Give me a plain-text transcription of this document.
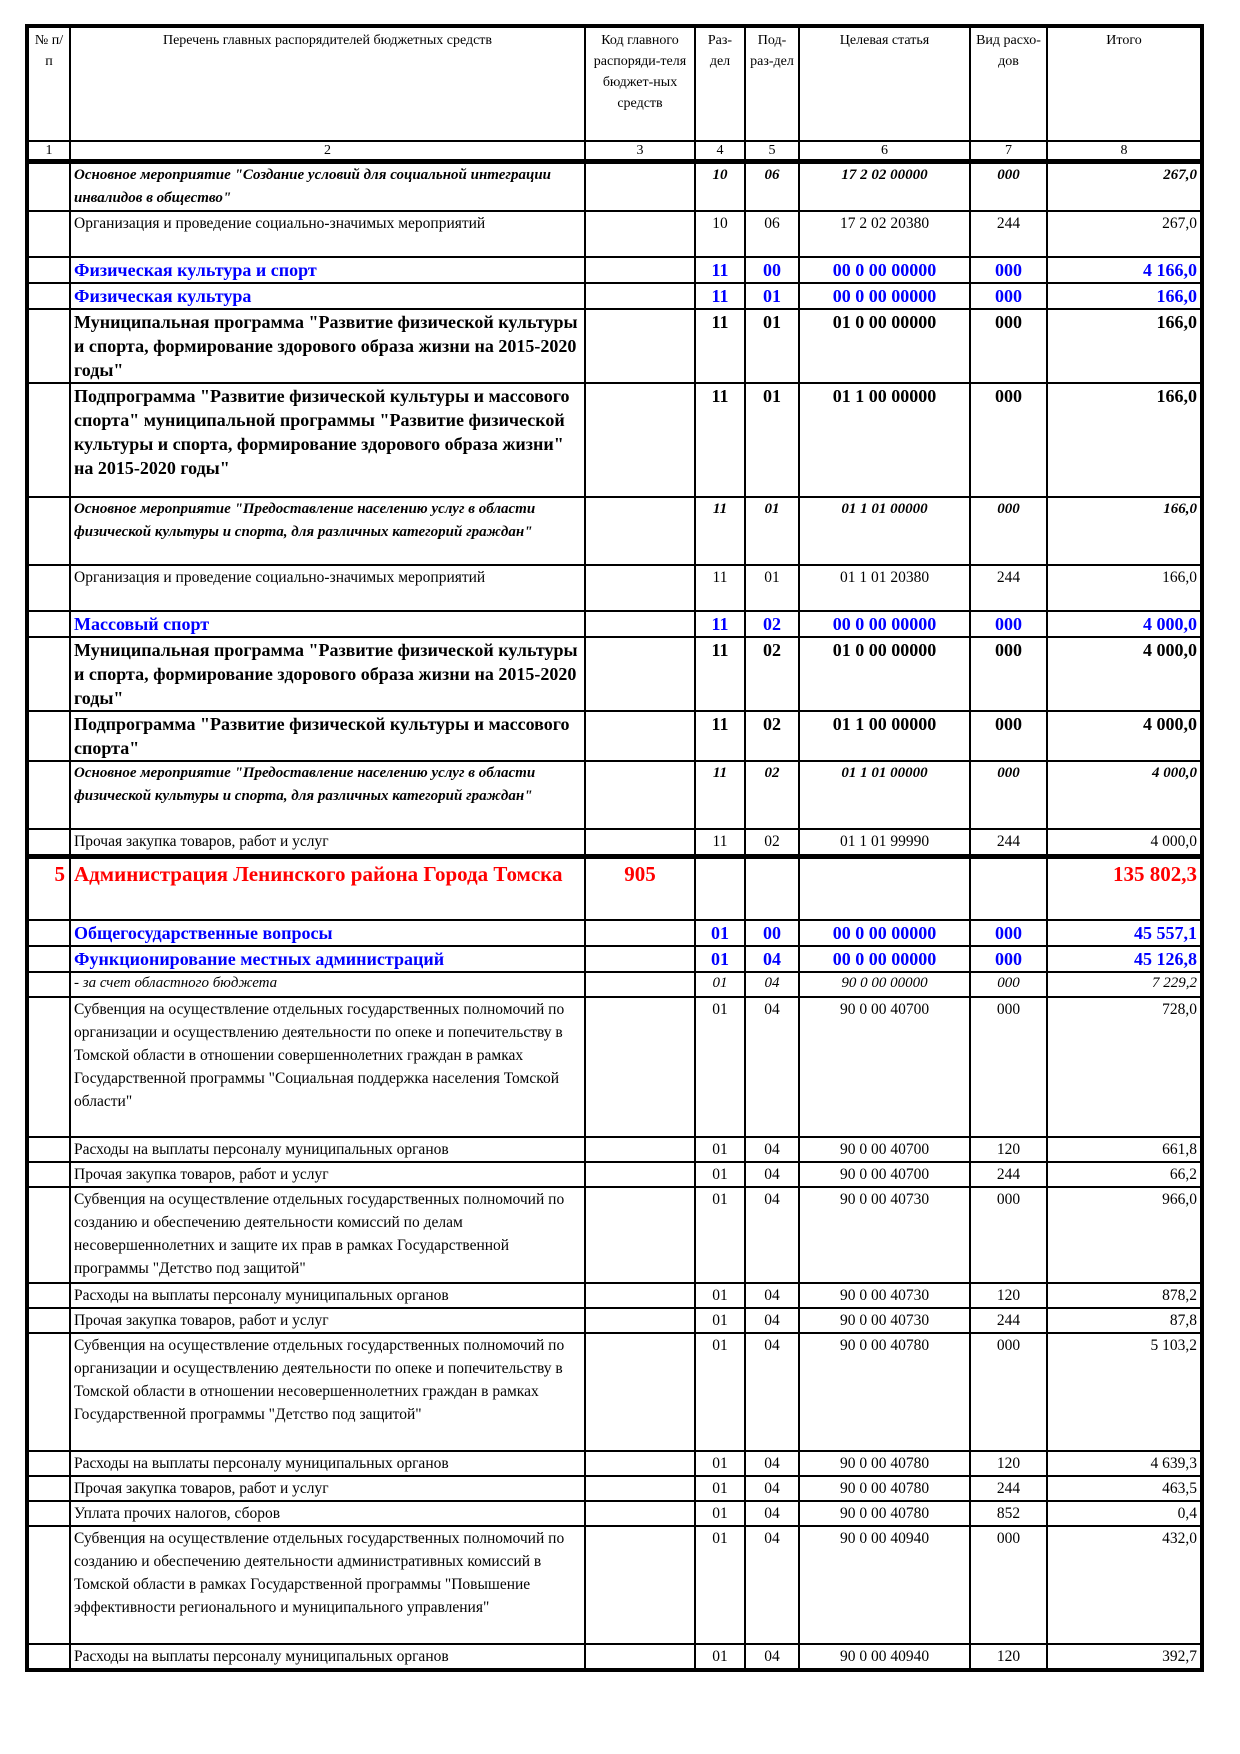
№ п/п	Перечень главных распорядителей бюджетных средств	Код главного распоряди-теля бюджет-ных средств	Раз-дел	Под-раз-дел	Целевая статья	Вид расхо-дов	Итого
1	2	3	4	5	6	7	8
	Основное мероприятие "Создание условий для социальной интеграции инвалидов в общество"		10	06	17 2 02 00000	000	267,0
	Организация и проведение социально-значимых мероприятий		10	06	17 2 02 20380	244	267,0
	Физическая культура и спорт		11	00	00 0 00 00000	000	4 166,0
	Физическая культура		11	01	00 0 00 00000	000	166,0
	Муниципальная программа "Развитие физической культуры и спорта, формирование здорового образа жизни на 2015-2020 годы"		11	01	01 0 00 00000	000	166,0
	Подпрограмма "Развитие физической культуры и массового спорта" муниципальной программы "Развитие физической культуры и спорта, формирование здорового образа жизни" на 2015-2020 годы"		11	01	01 1 00 00000	000	166,0
	Основное мероприятие "Предоставление населению услуг в области физической культуры и спорта, для различных категорий граждан"		11	01	01 1 01 00000	000	166,0
	Организация и проведение социально-значимых мероприятий		11	01	01 1 01 20380	244	166,0
	Массовый спорт		11	02	00 0 00 00000	000	4 000,0
	Муниципальная программа "Развитие физической культуры и спорта, формирование здорового образа жизни на 2015-2020 годы"		11	02	01 0 00 00000	000	4 000,0
	Подпрограмма "Развитие физической культуры и массового спорта"		11	02	01 1 00 00000	000	4 000,0
	Основное мероприятие "Предоставление населению услуг в области физической культуры и спорта, для различных категорий граждан"		11	02	01 1 01 00000	000	4 000,0
	Прочая закупка товаров, работ и услуг		11	02	01 1 01 99990	244	4 000,0
5	Администрация Ленинского района Города Томска	905					135 802,3
	Общегосударственные вопросы		01	00	00 0 00 00000	000	45 557,1
	Функционирование местных администраций		01	04	00 0 00 00000	000	45 126,8
	- за счет областного бюджета		01	04	90 0 00 00000	000	7 229,2
	Субвенция на осуществление отдельных государственных полномочий по организации и осуществлению деятельности по опеке и попечительству в Томской области в отношении совершеннолетних граждан в рамках Государственной программы "Социальная поддержка населения Томской области"		01	04	90 0 00 40700	000	728,0
	Расходы на выплаты персоналу муниципальных органов		01	04	90 0 00 40700	120	661,8
	Прочая закупка товаров, работ и услуг		01	04	90 0 00 40700	244	66,2
	Субвенция на осуществление отдельных государственных полномочий по созданию и обеспечению деятельности комиссий по делам несовершеннолетних и защите их прав в рамках Государственной программы "Детство под защитой"		01	04	90 0 00 40730	000	966,0
	Расходы на выплаты персоналу муниципальных органов		01	04	90 0 00 40730	120	878,2
	Прочая закупка товаров, работ и услуг		01	04	90 0 00 40730	244	87,8
	Субвенция на осуществление отдельных государственных полномочий по организации и осуществлению деятельности по опеке и попечительству в Томской области в отношении несовершеннолетних граждан в рамках Государственной программы "Детство под защитой"		01	04	90 0 00 40780	000	5 103,2
	Расходы на выплаты персоналу муниципальных органов		01	04	90 0 00 40780	120	4 639,3
	Прочая закупка товаров, работ и услуг		01	04	90 0 00 40780	244	463,5
	Уплата прочих налогов, сборов		01	04	90 0 00 40780	852	0,4
	Субвенция на осуществление отдельных государственных полномочий по созданию и обеспечению деятельности административных комиссий в Томской области в рамках Государственной программы "Повышение эффективности регионального и муниципального управления"		01	04	90 0 00 40940	000	432,0
	Расходы на выплаты персоналу муниципальных органов		01	04	90 0 00 40940	120	392,7
